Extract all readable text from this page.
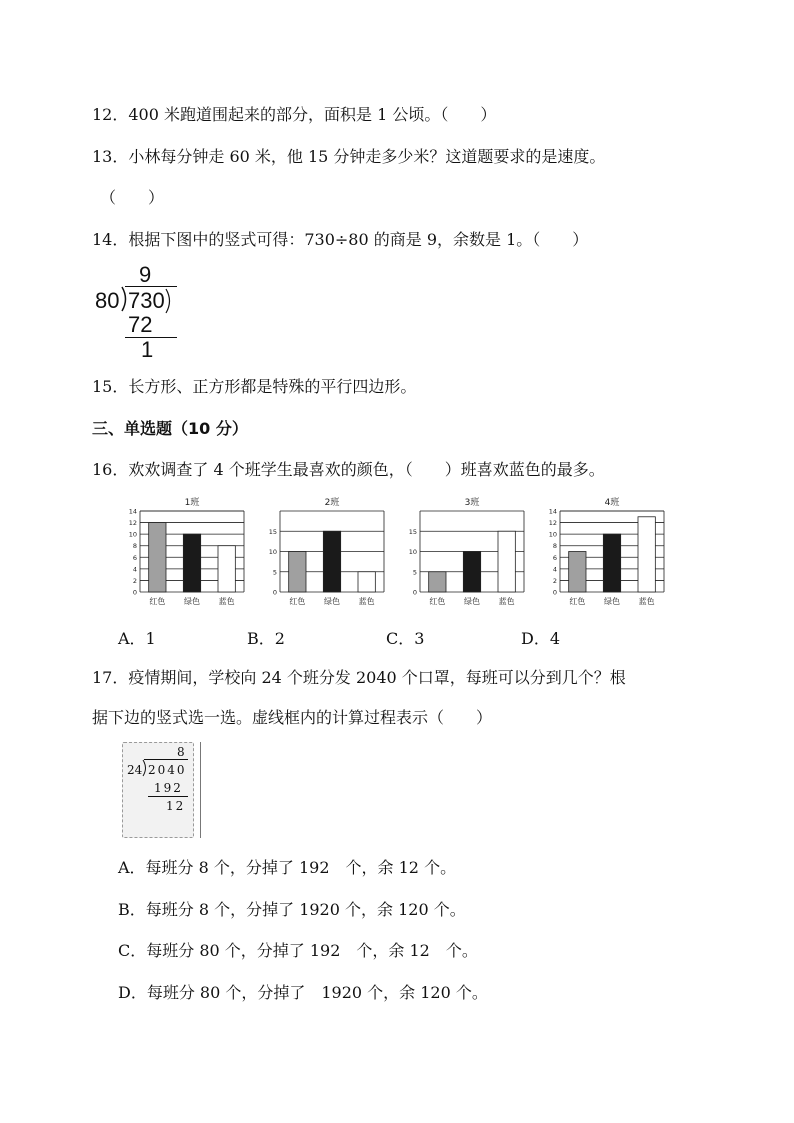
12．400 米跑道围起来的部分，面积是 1 公顷。（　　）
13．小林每分钟走 60 米，他 15 分钟走多少米？这道题要求的是速度。
（　　）
14．根据下图中的竖式可得：730÷80 的商是 9，余数是 1。（　　）
9
80 730
72
1
15．长方形、正方形都是特殊的平行四边形。
三、单选题（10 分）
16．欢欢调查了 4 个班学生最喜欢的颜色，（　　）班喜欢蓝色的最多。
1班
0
2
4
6
8
10
12
14
红色 绿色 蓝色
2班
0
5
10
15
红色 绿色 蓝色
3班
0
5
10
15
红色 绿色 蓝色
4班
0
2
4
6
8
10
12
14
红色 绿色 蓝色
A．1	B．2	C．3	D．4
17．疫情期间，学校向 24 个班分发 2040 个口罩，每班可以分到几个？根
据下边的竖式选一选。虚线框内的计算过程表示（　　）
8
24 2040
192
12
A．每班分 8 个，分掉了 192　个，余 12 个。
B．每班分 8 个，分掉了 1920 个，余 120 个。
C．每班分 80 个，分掉了 192　个，余 12　个。
D．每班分 80 个，分掉了　1920 个，余 120 个。
